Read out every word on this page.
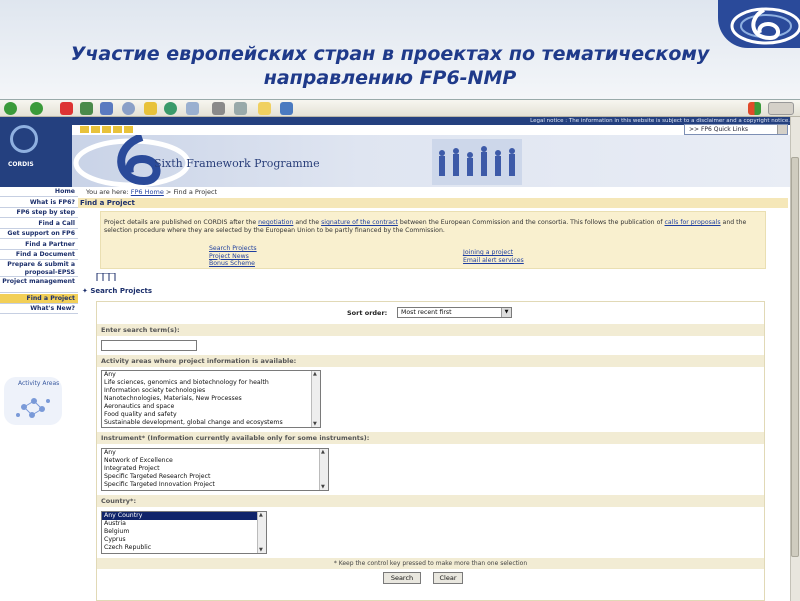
Участие европейских стран в проектах по тематическому
направлению FP6-NMP
CORDIS
Legal notice : The information in this website is subject to a disclaimer and a copyright notice.
>> FP6 Quick Links
Sixth Framework Programme
Home
What is FP6?
FP6 step by step
Find a Call
Get support on FP6
Find a Partner
Find a Document
Prepare & submit a proposal-EPSS
Project management
Find a Project
What's New?
Activity Areas
You are here: FP6 Home > Find a Project
Find a Project
Project details are published on CORDIS after the negotiation and the signature of the contract between the European Commission and the consortia. This follows the publication of calls for proposals and the selection procedure where they are selected by the European Union to be partly financed by the Commission.
Search Projects
Project News
Bonus Scheme
Joining a project
Email alert services
✦ Search Projects
Sort order:	Most recent first	▼
Enter search term(s):
Activity areas where project information is available:
Any
Life sciences, genomics and biotechnology for health
Information society technologies
Nanotechnologies, Materials, New Processes
Aeronautics and space
Food quality and safety
Sustainable development, global change and ecosystems
▲ ▼
Instrument* (Information currently available only for some instruments):
Any
Network of Excellence
Integrated Project
Specific Targeted Research Project
Specific Targeted Innovation Project
▲ ▼
Country*:
Any Country
Austria
Belgium
Cyprus
Czech Republic
▲ ▼
* Keep the control key pressed to make more than one selection
Search	Clear
